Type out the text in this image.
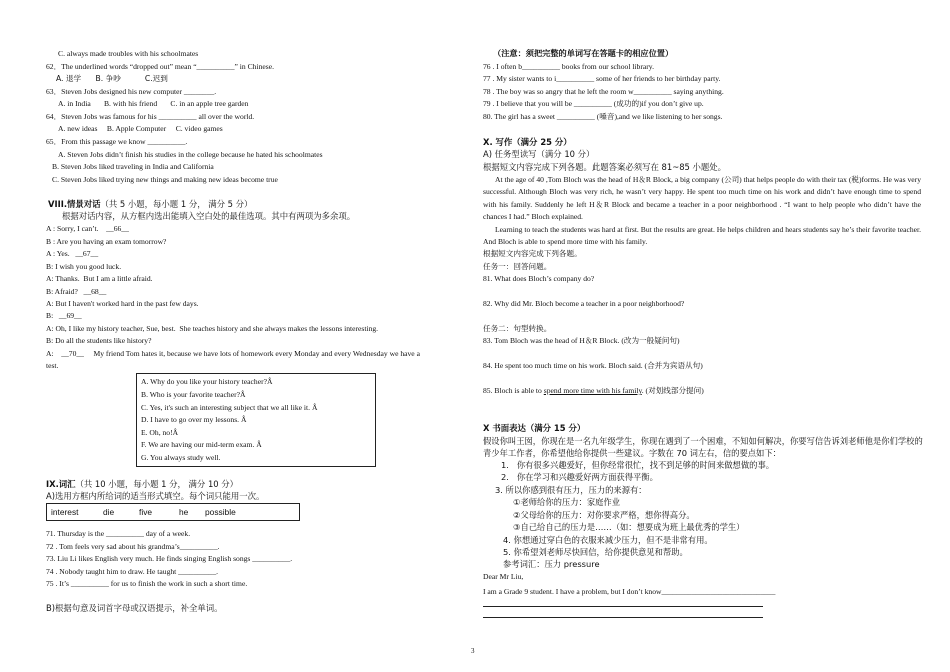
C. always made troubles with his schoolmates
62．The underlined words “dropped out” mean “__________” in Chinese.
A. 退学      B. 争吵          C.迟到
63．Steven Jobs designed his new computer ________.
A. in India       B. with his friend       C. in an apple tree garden
64．Steven Jobs was famous for his __________ all over the world.
A. new ideas     B. Apple Computer     C. video games
65．From this passage we know __________.
A. Steven Jobs didn’t finish his studies in the college because he hated his schoolmates
B. Steven Jobs liked traveling in India and California
C. Steven Jobs liked trying new things and making new ideas become true
VIII.情景对话（共 5 小题，每小题 1 分， 满分 5 分）
根据对话内容，从方框内选出能填入空白处的最佳选项。其中有两项为多余项。
A : Sorry, I can’t.    __66__
B : Are you having an exam tomorrow?
A : Yes.   __67__
B: I wish you good luck.
A: Thanks.  But I am a little afraid.
B: Afraid?   __68__
A: But I haven't worked hard in the past few days.
B:   __69__
A: Oh, I like my history teacher, Sue, best.  She teaches history and she always makes the lessons interesting.
B: Do all the students like history?
A:    __70__     My friend Tom hates it, because we have lots of homework every Monday and every Wednesday we have a
test.
A. Why do you like your history teacher?Â
B. Who is your favorite teacher?Â
C. Yes, it's such an interesting subject that we all like it. Â
D. I have to go over my lessons. Â
E. Oh, no!Â
F. We are having our mid-term exam. Â
G. You always study well.
IX.词汇（共 10 小题，每小题 1 分， 满分 10 分）
A)选用方框内所给词的适当形式填空。每个词只能用一次。
interest	die	five	he possible
71. Thursday is the __________ day of a week.
72 . Tom feels very sad about his grandma’s__________.
73. Liu Li likes English very much. He finds singing English songs __________.
74 . Nobody taught him to draw. He taught __________.
75 . It’s __________ for us to finish the work in such a short time.
B)根据句意及词首字母或汉语提示，补全单词。
（注意：须把完整的单词写在答题卡的相应位置）
76 . I often b__________ books from our school library.
77 . My sister wants to i__________ some of her friends to her birthday party.
78 . The boy was so angry that he left the room w__________ saying anything.
79 . I believe that you will be __________ (成功的)if you don’t give up.
80. The girl has a sweet __________ (嗓音),and we like listening to her songs.
X. 写作（满分 25 分）
A) 任务型读写（满分 10 分）
根据短文内容完成下列各题。此题答案必须写在 81~85 小题处。
At the age of 40 ,Tom Bloch was the head of H＆R Block, a big company (公司) that helps people do with their tax (税)forms. He was very successful. Although Bloch was very rich, he wasn’t very happy. He spent too much time on his work and didn’t have enough time to spend with his family. Suddenly he left H＆R Block and became a teacher in a poor neighborhood . “I want to help people who didn’t have the chances I had.” Bloch explained.
Learning to teach the students was hard at first. But the results are great. He helps children and hears students say he’s their favorite teacher. And Bloch is able to spend more time with his family.
根据短文内容完成下列各题。
任务一：回答问题。
81. What does Bloch’s company do?
82. Why did Mr. Bloch become a teacher in a poor neighborhood?
任务二：句型转换。
83. Tom Bloch was the head of H＆R Block. (改为一般疑问句)
84. He spent too much time on his work. Bloch said. (合并为宾语从句)
85. Bloch is able to spend more time with his family. (对划线部分提问)
X 书面表达（满分 15 分）
假设你叫王囡，你现在是一名九年级学生，你现在遇到了一个困难，不知如何解决，你要写信告诉刘老师他是你们学校的青少年工作者，你希望他给你提供一些建议。字数在 70 词左右，信的要点如下：
1.   你有很多兴趣爱好，但你经常很忙，找不到足够的时间来做想做的事。
2.   你在学习和兴趣爱好两方面获得平衡。
3. 所以你感到很有压力，压力的来源有：
①老师给你的压力：家庭作业
②父母给你的压力：对你要求严格，想你得高分。
③自己给自己的压力是……（如：想要成为班上最优秀的学生）
4. 你想通过穿白色的衣服来减少压力，但不是非常有用。
5. 你希望刘老师尽快回信，给你提供意见和帮助。
参考词汇：压力 pressure
Dear Mr Liu,
I am a Grade 9 student. I have a problem, but I don’t know______________________________
3
